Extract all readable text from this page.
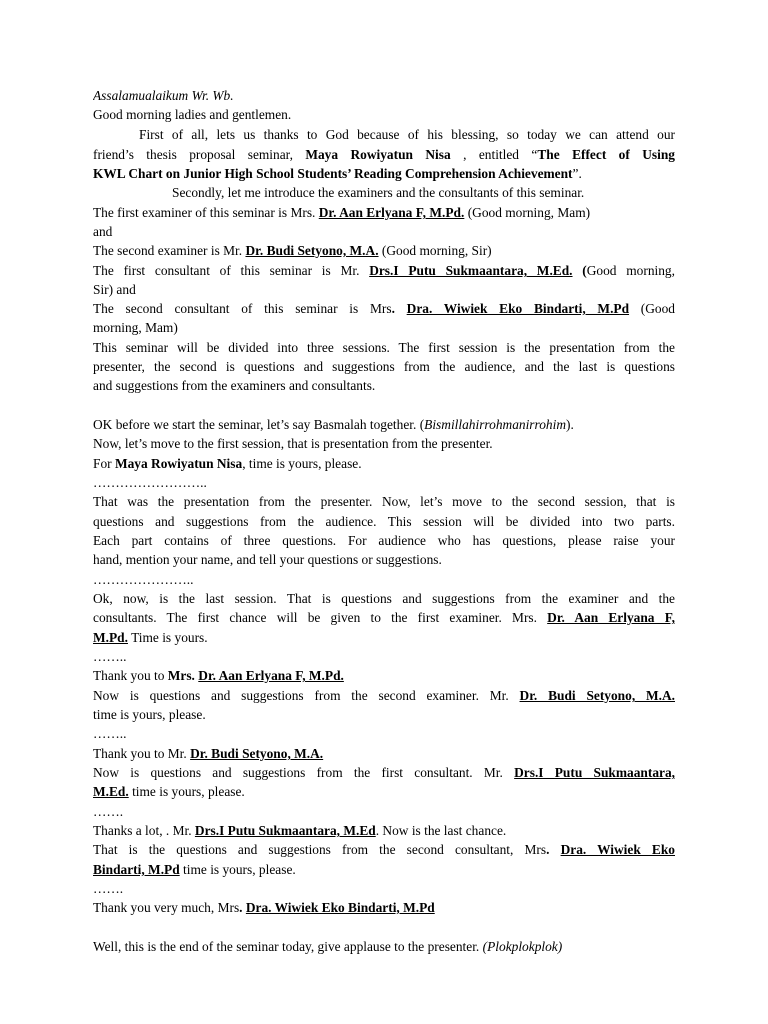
Assalamualaikum Wr. Wb.
Good morning ladies and gentlemen.
First of all, lets us thanks to God because of his blessing, so today we can attend our
friend’s thesis proposal seminar, Maya Rowiyatun Nisa , entitled “The Effect of Using
KWL Chart on Junior High School Students’ Reading Comprehension Achievement”.
Secondly, let me introduce the examiners and the consultants of this seminar.
The first examiner of this seminar is Mrs. Dr. Aan Erlyana F, M.Pd. (Good morning, Mam)
and
The second examiner is Mr. Dr. Budi Setyono, M.A. (Good morning, Sir)
The first consultant of this seminar is Mr. Drs.I Putu Sukmaantara, M.Ed. (Good morning,
Sir) and
The second consultant of this seminar is Mrs. Dra. Wiwiek Eko Bindarti, M.Pd (Good
morning, Mam)
This seminar will be divided into three sessions. The first session is the presentation from the
presenter, the second is questions and suggestions from the audience, and the last is questions
and suggestions from the examiners and consultants.
OK before we start the seminar, let’s say Basmalah together. (Bismillahirrohmanirrohim).
Now, let’s move to the first session, that is presentation from the presenter.
For Maya Rowiyatun Nisa, time is yours, please.
……………………..
That was the presentation from the presenter. Now, let’s move to the second session, that is
questions and suggestions from the audience. This session will be divided into two parts.
Each part contains of three questions. For audience who has questions, please raise your
hand, mention your name, and tell your questions or suggestions.
…………………..
Ok, now, is the last session. That is questions and suggestions from the examiner and the
consultants. The first chance will be given to the first examiner. Mrs. Dr. Aan Erlyana F,
M.Pd. Time is yours.
……..
Thank you to Mrs. Dr. Aan Erlyana F, M.Pd.
Now is questions and suggestions from the second examiner. Mr. Dr. Budi Setyono, M.A.
time is yours, please.
……..
Thank you to Mr. Dr. Budi Setyono, M.A.
Now is questions and suggestions from the first consultant. Mr. Drs.I Putu Sukmaantara,
M.Ed. time is yours, please.
…….
Thanks a lot, . Mr. Drs.I Putu Sukmaantara, M.Ed. Now is the last chance.
That is the questions and suggestions from the second consultant, Mrs. Dra. Wiwiek Eko
Bindarti, M.Pd time is yours, please.
…….
Thank you very much, Mrs. Dra. Wiwiek Eko Bindarti, M.Pd
Well, this is the end of the seminar today, give applause to the presenter. (Plokplokplok)
